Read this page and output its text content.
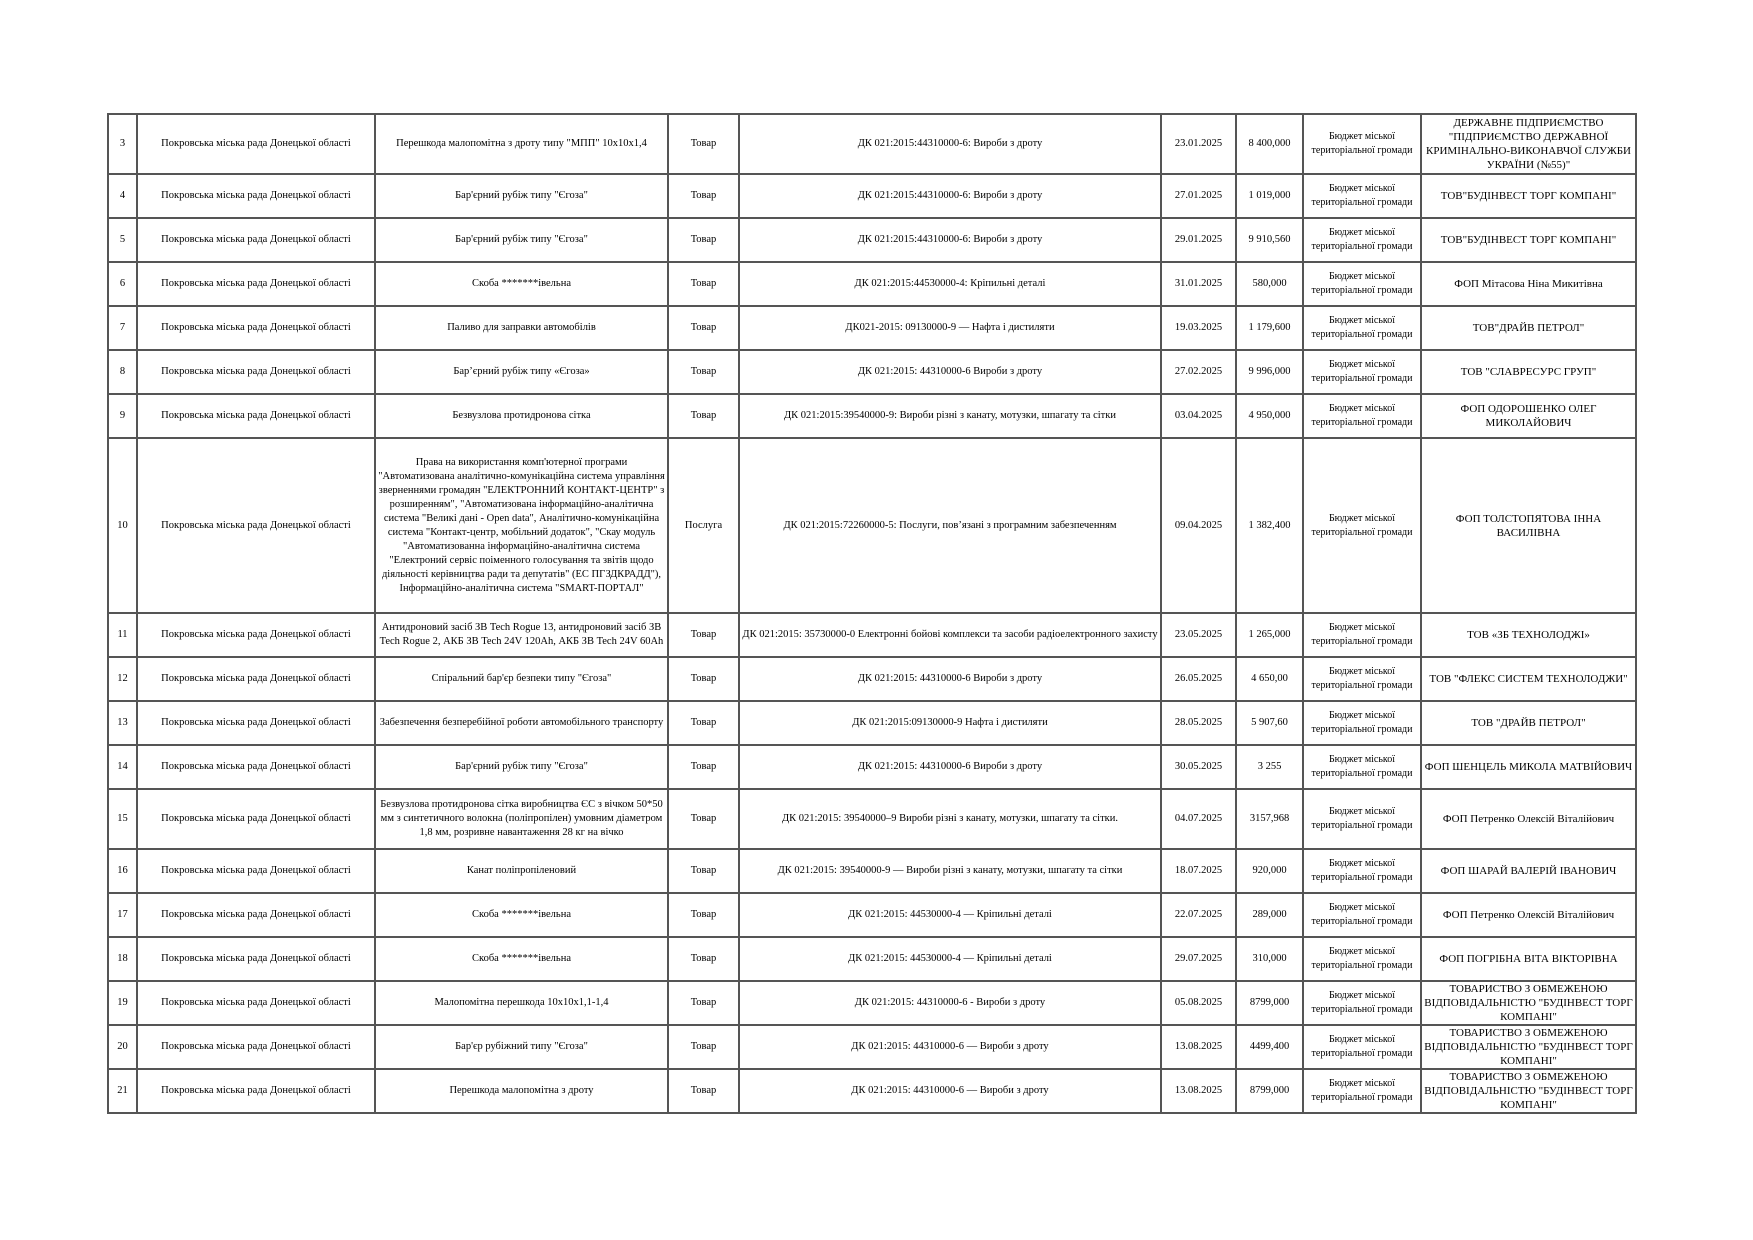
3	Покровська міська рада Донецької області	Перешкода малопомітна з дроту типу "МПП" 10х10х1,4	Товар	ДК 021:2015:44310000-6: Вироби з дроту	23.01.2025	8 400,000	Бюджет міської територіальної громади	ДЕРЖАВНЕ ПІДПРИЄМСТВО "ПІДПРИЄМСТВО ДЕРЖАВНОЇ КРИМІНАЛЬНО-ВИКОНАВЧОЇ СЛУЖБИ УКРАЇНИ (№55)"
4	Покровська міська рада Донецької області	Бар'єрний рубіж типу "Єгоза"	Товар	ДК 021:2015:44310000-6: Вироби з дроту	27.01.2025	1 019,000	Бюджет міської територіальної громади	ТОВ"БУДІНВЕСТ ТОРГ КОМПАНІ"
5	Покровська міська рада Донецької області	Бар'єрний рубіж типу "Єгоза"	Товар	ДК 021:2015:44310000-6: Вироби з дроту	29.01.2025	9 910,560	Бюджет міської територіальної громади	ТОВ"БУДІНВЕСТ ТОРГ КОМПАНІ"
6	Покровська міська рада Донецької області	Скоба *******івельна	Товар	ДК 021:2015:44530000-4: Кріпильні деталі	31.01.2025	580,000	Бюджет міської територіальної громади	ФОП Мітасова Ніна Микитівна
7	Покровська міська рада Донецької області	Паливо для заправки автомобілів	Товар	ДК021-2015: 09130000-9 — Нафта і дистиляти	19.03.2025	1 179,600	Бюджет міської територіальної громади	ТОВ"ДРАЙВ ПЕТРОЛ"
8	Покровська міська рада Донецької області	Бар’єрний рубіж типу «Єгоза»	Товар	ДК 021:2015: 44310000-6 Вироби з дроту	27.02.2025	9 996,000	Бюджет міської територіальної громади	ТОВ "СЛАВРЕСУРС ГРУП"
9	Покровська міська рада Донецької області	Безвузлова протидронова сітка	Товар	ДК 021:2015:39540000-9: Вироби різні з канату, мотузки, шпагату та сітки	03.04.2025	4 950,000	Бюджет міської територіальної громади	ФОП ОДОРОШЕНКО ОЛЕГ МИКОЛАЙОВИЧ
10	Покровська міська рада Донецької області	Права на використання комп'ютерної програми "Автоматизована аналітично-комунікаційна система управління зверненнями громадян "ЕЛЕКТРОННИЙ КОНТАКТ-ЦЕНТР" з розширенням", "Автоматизована інформаційно-аналітична система "Великі дані - Open data", Аналітично-комунікаційна система "Контакт-центр, мобільний додаток", "Скау модуль "Автоматизованна інформаційно-аналітична система "Електроний сервіс поіменного голосування та звітів щодо діяльності керівництва ради та депутатів" (ЕС ПГЗДКРАДД"), Інформаційно-аналітична система "SMART-ПОРТАЛ"	Послуга	ДК 021:2015:72260000-5: Послуги, пов’язані з програмним забезпеченням	09.04.2025	1 382,400	Бюджет міської територіальної громади	ФОП ТОЛСТОПЯТОВА ІННА ВАСИЛІВНА
11	Покровська міська рада Донецької області	Антидроновий засіб ЗВ Tech Rogue 13, антидроновий засіб ЗВ Tech Rogue 2, АКБ ЗВ Tech 24V 120Ah, АКБ ЗВ Tech 24V 60Ah	Товар	ДК 021:2015: 35730000-0 Електронні бойові комплекси та засоби радіоелектронного захисту	23.05.2025	1 265,000	Бюджет міської територіальної громади	ТОВ «ЗБ ТЕХНОЛОДЖІ»
12	Покровська міська рада Донецької області	Спіральний бар'єр безпеки типу "Єгоза"	Товар	ДК 021:2015: 44310000-6 Вироби з дроту	26.05.2025	4 650,00	Бюджет міської територіальної громади	ТОВ "ФЛЕКС СИСТЕМ ТЕХНОЛОДЖИ"
13	Покровська міська рада Донецької області	Забезпечення безперебійної роботи автомобільного транспорту	Товар	ДК 021:2015:09130000-9 Нафта і дистиляти	28.05.2025	5 907,60	Бюджет міської територіальної громади	ТОВ "ДРАЙВ ПЕТРОЛ"
14	Покровська міська рада Донецької області	Бар'єрний рубіж типу "Єгоза"	Товар	ДК 021:2015: 44310000-6 Вироби з дроту	30.05.2025	3 255	Бюджет міської територіальної громади	ФОП ШЕНЦЕЛЬ МИКОЛА МАТВІЙОВИЧ
15	Покровська міська рада Донецької області	Безвузлова протидронова сітка виробництва ЄС з вічком 50*50 мм з синтетичного волокна (поліпропілен) умовним діаметром 1,8 мм, розривне навантаження 28 кг на вічко	Товар	ДК 021:2015: 39540000–9 Вироби різні з канату, мотузки, шпагату та сітки.	04.07.2025	3157,968	Бюджет міської територіальної громади	ФОП Петренко Олексій Віталійович
16	Покровська міська рада Донецької області	Канат поліпропіленовий	Товар	ДК 021:2015: 39540000-9 — Вироби різні з канату, мотузки, шпагату та сітки	18.07.2025	920,000	Бюджет міської територіальної громади	ФОП ШАРАЙ ВАЛЕРІЙ ІВАНОВИЧ
17	Покровська міська рада Донецької області	Скоба *******івельна	Товар	ДК 021:2015: 44530000-4 — Кріпильні деталі	22.07.2025	289,000	Бюджет міської територіальної громади	ФОП Петренко Олексій Віталійович
18	Покровська міська рада Донецької області	Скоба *******івельна	Товар	ДК 021:2015: 44530000-4 — Кріпильні деталі	29.07.2025	310,000	Бюджет міської територіальної громади	ФОП ПОГРІБНА ВІТА ВІКТОРІВНА
19	Покровська міська рада Донецької області	Малопомітна перешкода 10х10х1,1-1,4	Товар	ДК 021:2015: 44310000-6 - Вироби з дроту	05.08.2025	8799,000	Бюджет міської територіальної громади	ТОВАРИСТВО З ОБМЕЖЕНОЮ ВІДПОВІДАЛЬНІСТЮ "БУДІНВЕСТ ТОРГ КОМПАНІ"
20	Покровська міська рада Донецької області	Бар'єр рубіжний типу "Єгоза"	Товар	ДК 021:2015: 44310000-6 — Вироби з дроту	13.08.2025	4499,400	Бюджет міської територіальної громади	ТОВАРИСТВО З ОБМЕЖЕНОЮ ВІДПОВІДАЛЬНІСТЮ "БУДІНВЕСТ ТОРГ КОМПАНІ"
21	Покровська міська рада Донецької області	Перешкода малопомітна з дроту	Товар	ДК 021:2015: 44310000-6 — Вироби з дроту	13.08.2025	8799,000	Бюджет міської територіальної громади	ТОВАРИСТВО З ОБМЕЖЕНОЮ ВІДПОВІДАЛЬНІСТЮ "БУДІНВЕСТ ТОРГ КОМПАНІ"
